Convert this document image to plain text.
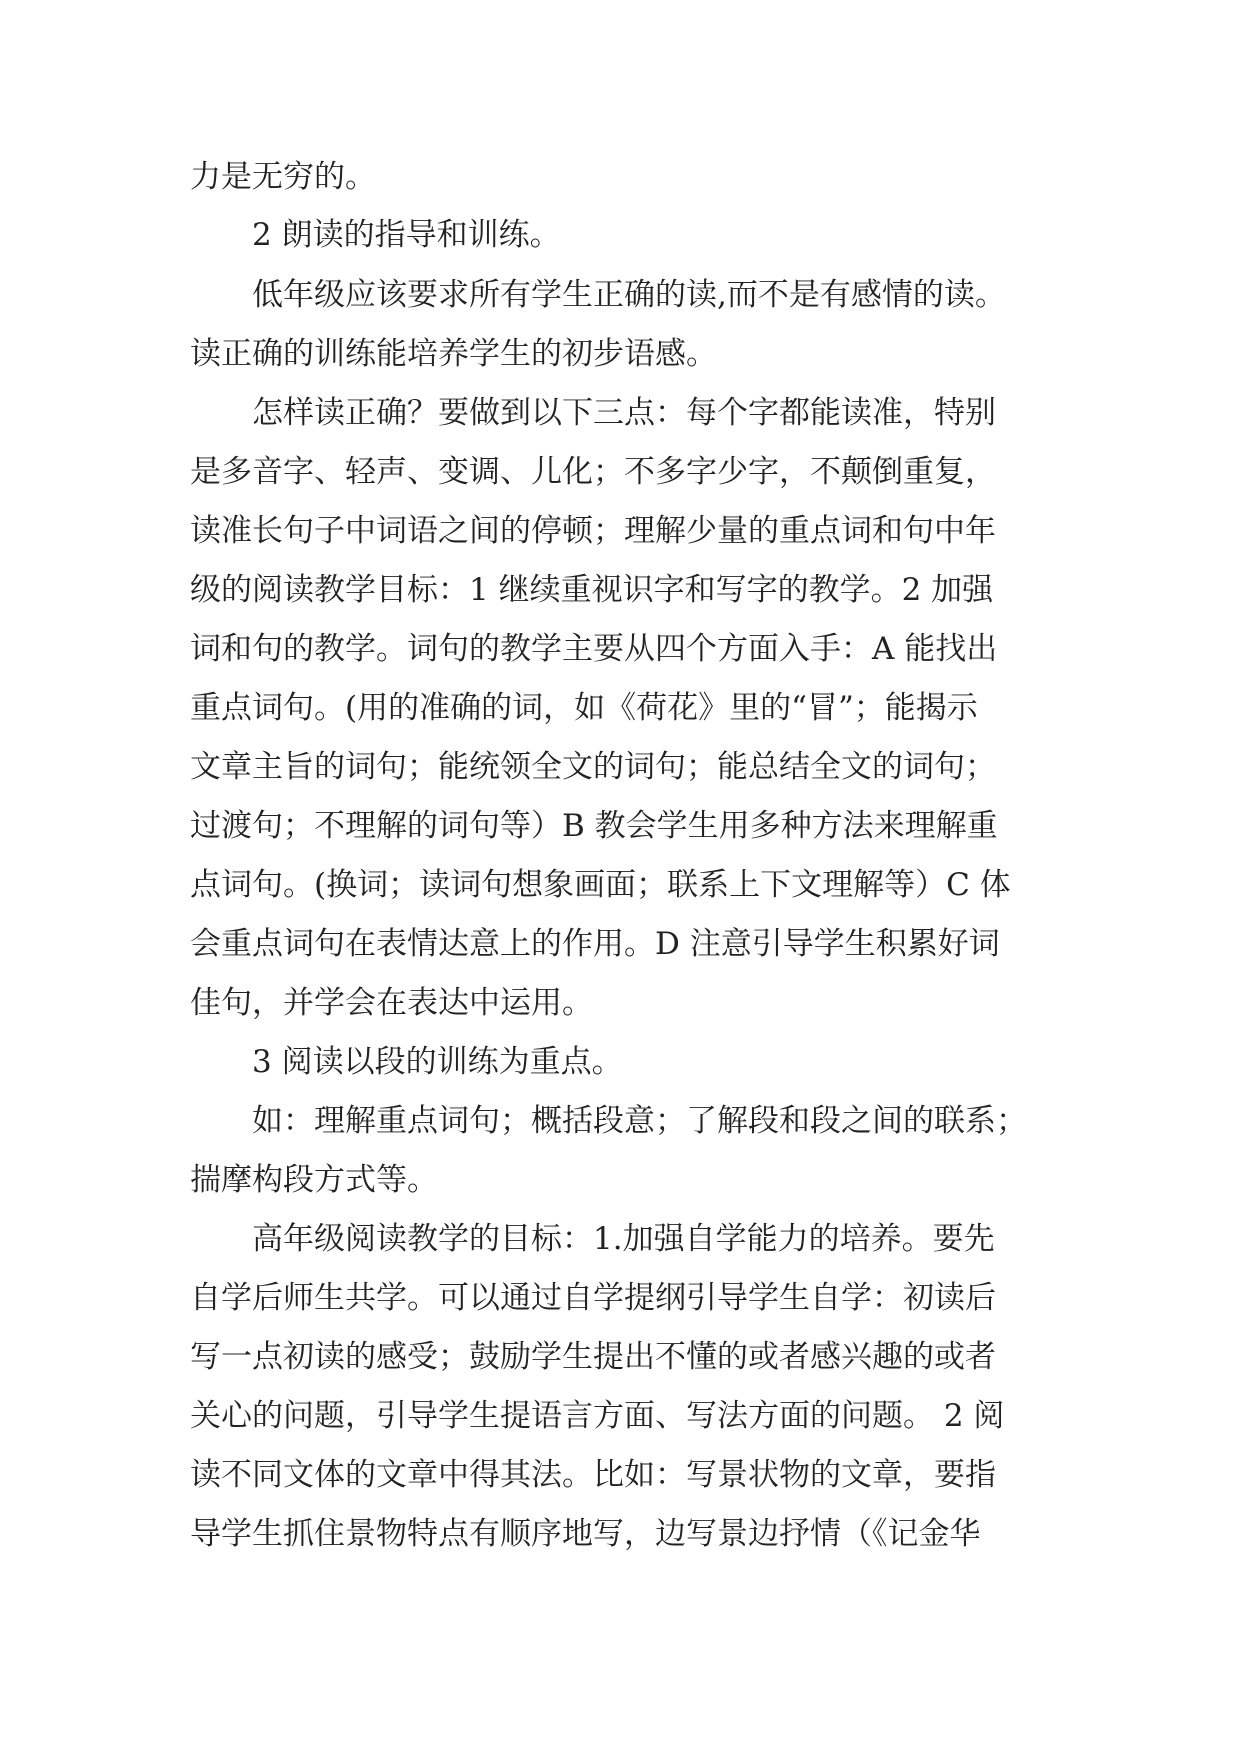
力是无穷的。
2 朗读的指导和训练。
低年级应该要求所有学生正确的读,而不是有感情的读。
读正确的训练能培养学生的初步语感。
怎样读正确？要做到以下三点：每个字都能读准，特别
是多音字、轻声、变调、儿化；不多字少字，不颠倒重复，
读准长句子中词语之间的停顿；理解少量的重点词和句中年
级的阅读教学目标：1 继续重视识字和写字的教学。2 加强
词和句的教学。词句的教学主要从四个方面入手：A 能找出
重点词句。(用的准确的词，如《荷花》里的“冒”；能揭示
文章主旨的词句；能统领全文的词句；能总结全文的词句；
过渡句；不理解的词句等）B 教会学生用多种方法来理解重
点词句。(换词；读词句想象画面；联系上下文理解等）C 体
会重点词句在表情达意上的作用。D 注意引导学生积累好词
佳句，并学会在表达中运用。
3 阅读以段的训练为重点。
如：理解重点词句；概括段意；了解段和段之间的联系；
揣摩构段方式等。
高年级阅读教学的目标：1.加强自学能力的培养。要先
自学后师生共学。可以通过自学提纲引导学生自学：初读后
写一点初读的感受；鼓励学生提出不懂的或者感兴趣的或者
关心的问题，引导学生提语言方面、写法方面的问题。 2 阅
读不同文体的文章中得其法。比如：写景状物的文章，要指
导学生抓住景物特点有顺序地写，边写景边抒情（《记金华
